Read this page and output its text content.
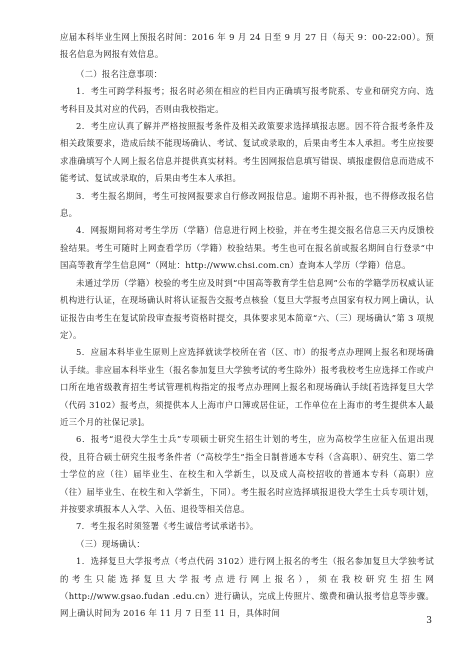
应届本科毕业生网上预报名时间：2016 年 9 月 24 日至 9 月 27 日（每天 9：00-22:00）。预报名信息为网报有效信息。

（二）报名注意事项：

1．考生可跨学科报考；报名时必须在相应的栏目内正确填写报考院系、专业和研究方向、选考科目及其对应的代码，否则由我校指定。

2．考生应认真了解并严格按照报考条件及相关政策要求选择填报志愿。因不符合报考条件及相关政策要求，造成后续不能现场确认、考试、复试或录取的，后果由考生本人承担。考生应按要求准确填写个人网上报名信息并提供真实材料。考生因网报信息填写错误、填报虚假信息而造成不能考试、复试或录取的，后果由考生本人承担。

3．考生报名期间，考生可按网报要求自行修改网报信息。逾期不再补报，也不得修改报名信息。

4．网报期间将对考生学历（学籍）信息进行网上校验，并在考生提交报名信息三天内反馈校验结果。考生可随时上网查看学历（学籍）校验结果。考生也可在报名前或报名期间自行登录“中国高等教育学生信息网”（网址：http://www.chsi.com.cn）查询本人学历（学籍）信息。

未通过学历（学籍）校验的考生应及时到“中国高等教育学生信息网”公布的学籍学历权威认证机构进行认证，在现场确认时将认证报告交报考点核验（复旦大学报考点国家有权力网上确认，认证报告由考生在复试阶段审查报考资格时提交，具体要求见本简章“六、（三）现场确认”第 3 项规定）。

5．应届本科毕业生原则上应选择就读学校所在省（区、市）的报考点办理网上报名和现场确认手续。非应届本科毕业生（报名参加复旦大学独考试的考生除外）报考我校考生应选择工作或户口所在地省级教育招生考试管理机构指定的报考点办理网上报名和现场确认手续[若选择复旦大学（代码 3102）报考点，须提供本人上海市户口簿或居住证，工作单位在上海市的考生提供本人最近三个月的社保记录]。

6．报考“退役大学生士兵”专项硕士研究生招生计划的考生，应为高校学生应征入伍退出现役，且符合硕士研究生报考条件者（“高校学生”指全日制普通本专科（含高职）、研究生、第二学士学位的应（往）届毕业生、在校生和入学新生，以及成人高校招收的普通本专科（高职）应（往）届毕业生、在校生和入学新生，下同）。考生报名时应选择填报退役大学生士兵专项计划，并按要求填报本人入学、入伍、退役等相关信息。

7．考生报名时须签署《考生诚信考试承诺书》。

（三）现场确认：

1．选择复旦大学报考点（考点代码 3102）进行网上报名的考生（报名参加复旦大学独考试的考生只能选择复旦大学报考点进行网上报名），须在我校研究生招生网（http://www.gsao.fudan .edu.cn）进行确认，完成上传照片、缴费和确认报考信息等步骤。网上确认时间为 2016 年 11 月 7 日至 11 日，具体时间

3
